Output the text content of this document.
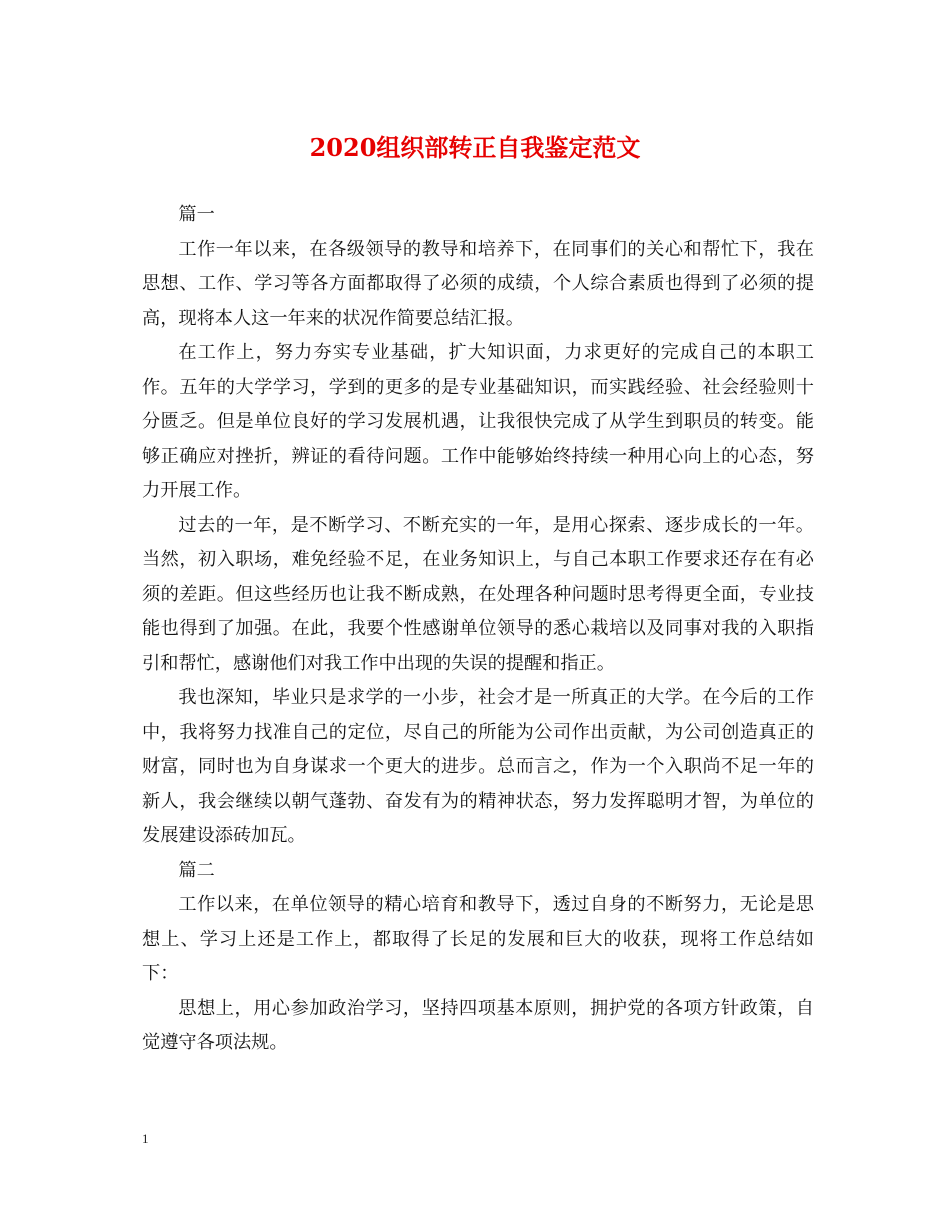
2020组织部转正自我鉴定范文

篇一

工作一年以来，在各级领导的教导和培养下，在同事们的关心和帮忙下，我在思想、工作、学习等各方面都取得了必须的成绩，个人综合素质也得到了必须的提高，现将本人这一年来的状况作简要总结汇报。

在工作上，努力夯实专业基础，扩大知识面，力求更好的完成自己的本职工作。五年的大学学习，学到的更多的是专业基础知识，而实践经验、社会经验则十分匮乏。但是单位良好的学习发展机遇，让我很快完成了从学生到职员的转变。能够正确应对挫折，辨证的看待问题。工作中能够始终持续一种用心向上的心态，努力开展工作。

过去的一年，是不断学习、不断充实的一年，是用心探索、逐步成长的一年。当然，初入职场，难免经验不足，在业务知识上，与自己本职工作要求还存在有必须的差距。但这些经历也让我不断成熟，在处理各种问题时思考得更全面，专业技能也得到了加强。在此，我要个性感谢单位领导的悉心栽培以及同事对我的入职指引和帮忙，感谢他们对我工作中出现的失误的提醒和指正。

我也深知，毕业只是求学的一小步，社会才是一所真正的大学。在今后的工作中，我将努力找准自己的定位，尽自己的所能为公司作出贡献，为公司创造真正的财富，同时也为自身谋求一个更大的进步。总而言之，作为一个入职尚不足一年的新人，我会继续以朝气蓬勃、奋发有为的精神状态，努力发挥聪明才智，为单位的发展建设添砖加瓦。

篇二

工作以来，在单位领导的精心培育和教导下，透过自身的不断努力，无论是思想上、学习上还是工作上，都取得了长足的发展和巨大的收获，现将工作总结如下：

思想上，用心参加政治学习，坚持四项基本原则，拥护党的各项方针政策，自觉遵守各项法规。

1
